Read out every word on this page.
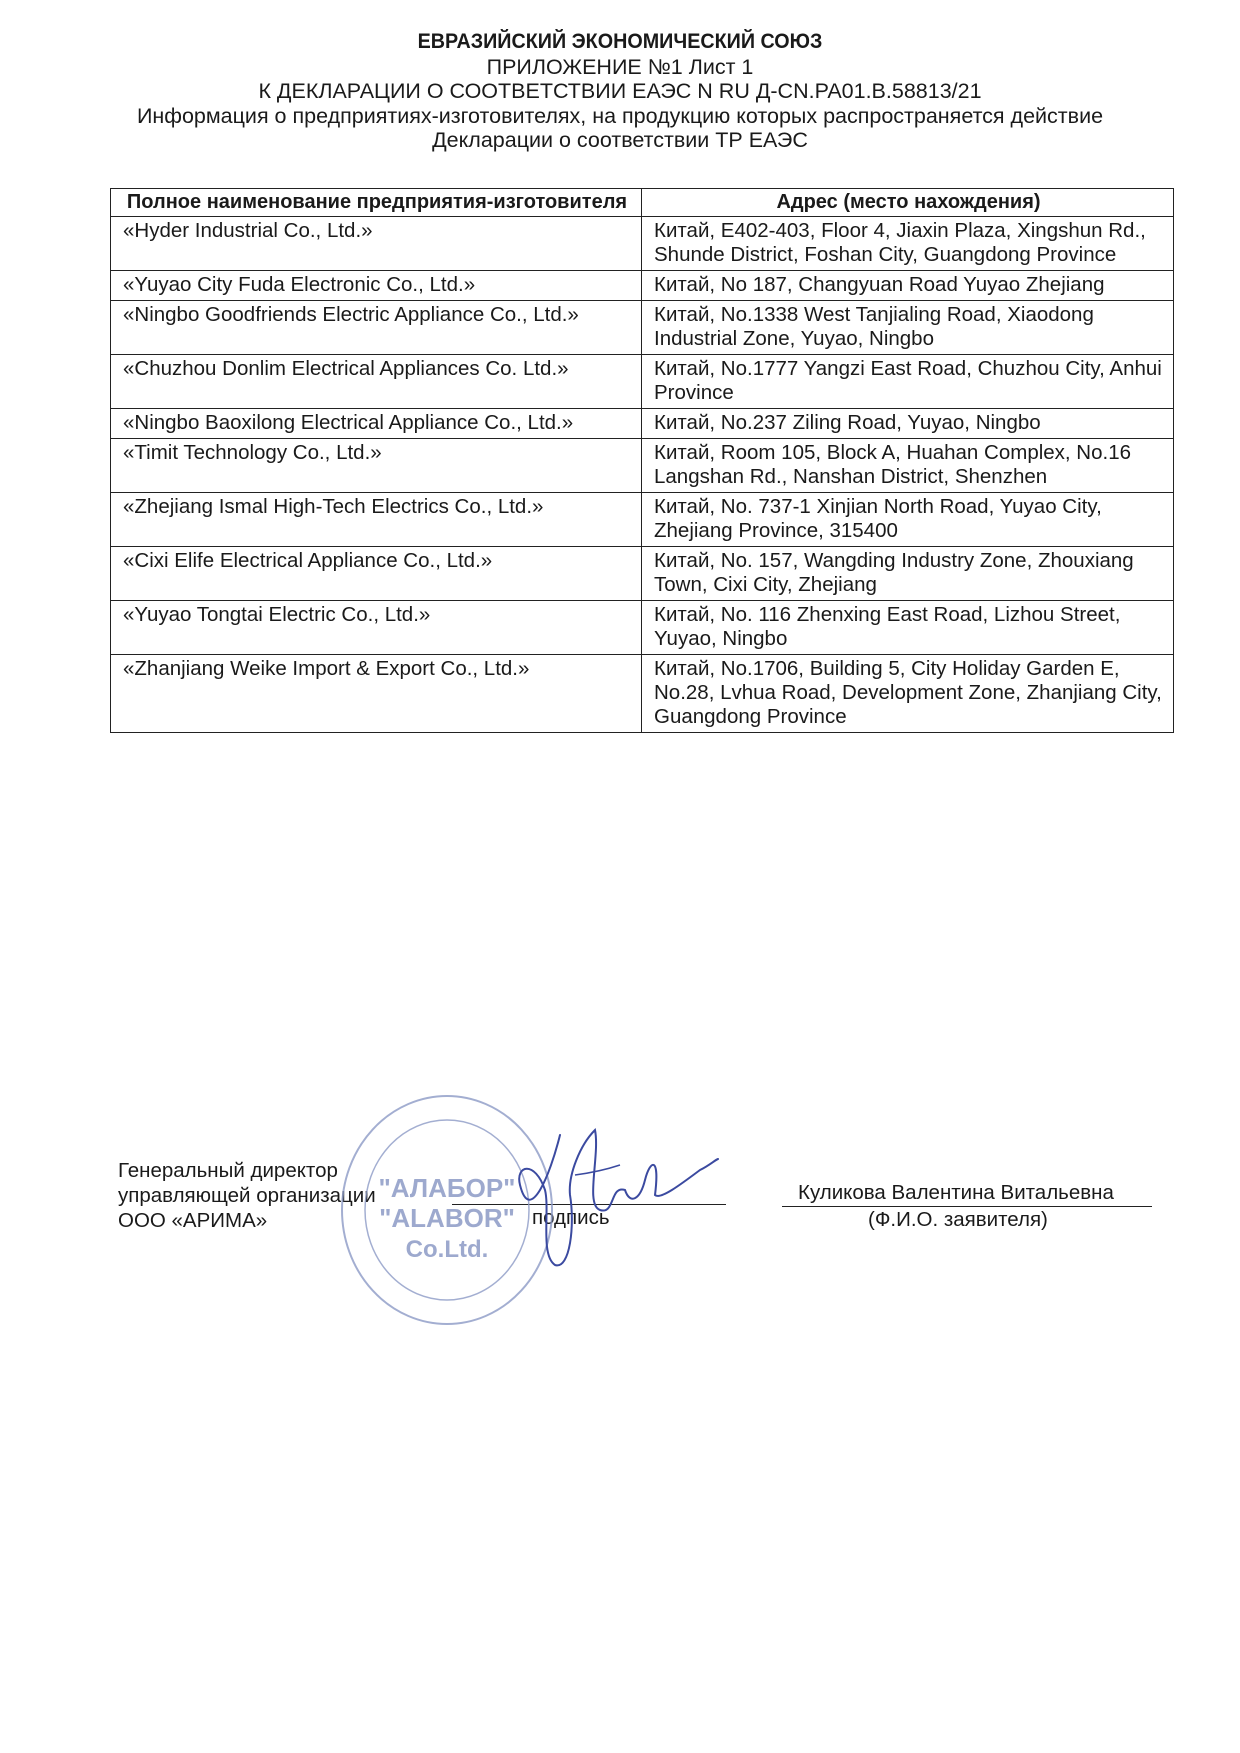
ЕВРАЗИЙСКИЙ ЭКОНОМИЧЕСКИЙ СОЮЗ
ПРИЛОЖЕНИЕ №1 Лист 1
К ДЕКЛАРАЦИИ О СООТВЕТСТВИИ ЕАЭС N RU Д-CN.PA01.B.58813/21
Информация о предприятиях-изготовителях, на продукцию которых распространяется действие
Декларации о соответствии ТР ЕАЭС
Полное наименование предприятия-изготовителя	Адрес (место нахождения)
«Hyder Industrial Co., Ltd.»	Китай, E402-403, Floor 4, Jiaxin Plaza, Xingshun Rd., Shunde District, Foshan City, Guangdong Province
«Yuyao City Fuda Electronic Co., Ltd.»	Китай, No 187, Changyuan Road Yuyao Zhejiang
«Ningbo Goodfriends Electric Appliance Co., Ltd.»	Китай, No.1338 West Tanjialing Road, Xiaodong Industrial Zone, Yuyao, Ningbo
«Chuzhou Donlim Electrical Appliances Co. Ltd.»	Китай, No.1777 Yangzi East Road, Chuzhou City, Anhui Province
«Ningbo Baoxilong Electrical Appliance Co., Ltd.»	Китай, No.237 Ziling Road, Yuyao, Ningbo
«Timit Technology Co., Ltd.»	Китай, Room 105, Block A, Huahan Complex, No.16 Langshan Rd., Nanshan District, Shenzhen
«Zhejiang Ismal High-Tech Electrics Co., Ltd.»	Китай, No. 737-1 Xinjian North Road, Yuyao City, Zhejiang Province, 315400
«Cixi Elife Electrical Appliance Co., Ltd.»	Китай, No. 157, Wangding Industry Zone, Zhouxiang Town, Cixi City, Zhejiang
«Yuyao Tongtai Electric Co., Ltd.»	Китай, No. 116 Zhenxing East Road, Lizhou Street, Yuyao, Ningbo
«Zhanjiang Weike Import & Export Co., Ltd.»	Китай, No.1706, Building 5, City Holiday Garden E, No.28, Lvhua Road, Development Zone, Zhanjiang City, Guangdong Province
Генеральный директор
управляющей организации
ООО «АРИМА»	подпись
Куликова Валентина Витальевна
(Ф.И.О. заявителя)
"АЛАБОР"
"ALABOR"
Co.Ltd.
